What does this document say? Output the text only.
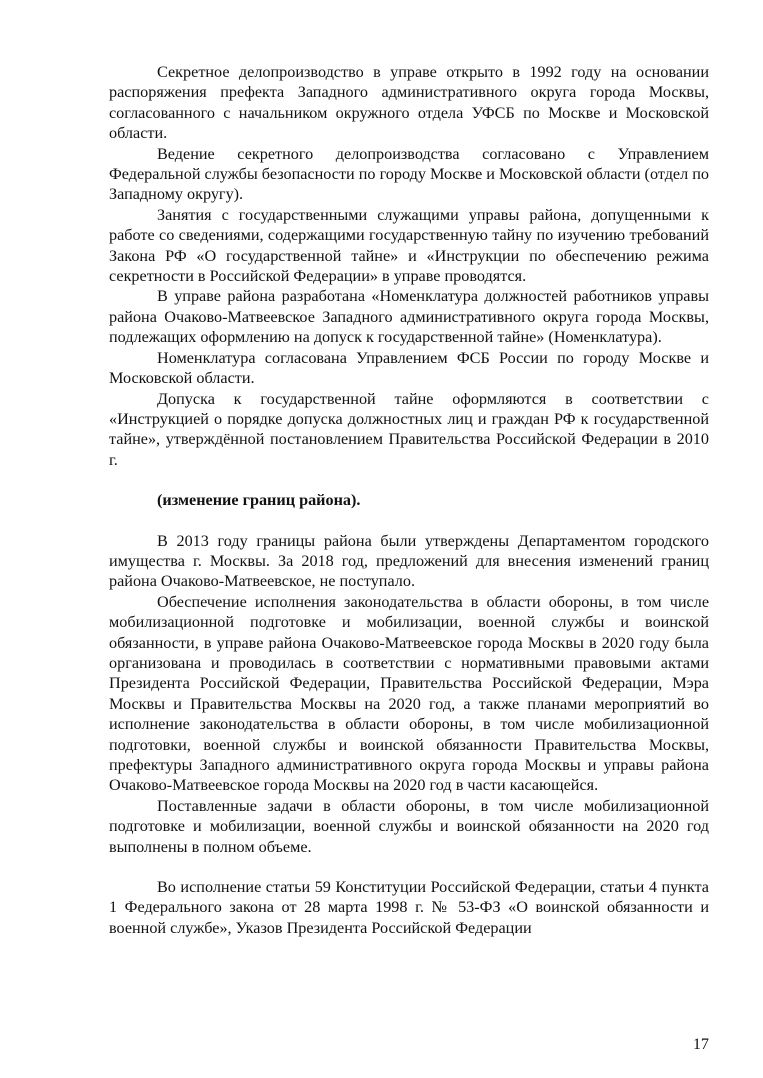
Секретное делопроизводство в управе открыто в 1992 году на основании распоряжения префекта Западного административного округа города Москвы, согласованного с начальником окружного отдела УФСБ по Москве и Московской области.

Ведение секретного делопроизводства согласовано с Управлением Федеральной службы безопасности по городу Москве и Московской области (отдел по Западному округу).

Занятия с государственными служащими управы района, допущенными к работе со сведениями, содержащими государственную тайну по изучению требований Закона РФ «О государственной тайне» и «Инструкции по обеспечению режима секретности в Российской Федерации» в управе проводятся.

В управе района разработана «Номенклатура должностей работников управы района Очаково-Матвеевское Западного административного округа города Москвы, подлежащих оформлению на допуск к государственной тайне» (Номенклатура).

Номенклатура согласована Управлением ФСБ России по городу Москве и Московской области.

Допуска к государственной тайне оформляются в соответствии с «Инструкцией о порядке допуска должностных лиц и граждан РФ к государственной тайне», утверждённой постановлением Правительства Российской Федерации в 2010 г.

(изменение границ района).

В 2013 году границы района были утверждены Департаментом городского имущества г. Москвы. За 2018 год, предложений для внесения изменений границ района Очаково-Матвеевское, не поступало.

Обеспечение исполнения законодательства в области обороны, в том числе мобилизационной подготовке и мобилизации, военной службы и воинской обязанности, в управе района Очаково-Матвеевское города Москвы в 2020 году была организована и проводилась в соответствии с нормативными правовыми актами Президента Российской Федерации, Правительства Российской Федерации, Мэра Москвы и Правительства Москвы на 2020 год, а также планами мероприятий во исполнение законодательства в области обороны, в том числе мобилизационной подготовки, военной службы и воинской обязанности Правительства Москвы, префектуры Западного административного округа города Москвы и управы района Очаково-Матвеевское города Москвы на 2020 год в части касающейся.

Поставленные задачи в области обороны, в том числе мобилизационной подготовке и мобилизации, военной службы и воинской обязанности на 2020 год выполнены в полном объеме.

Во исполнение статьи 59 Конституции Российской Федерации, статьи 4 пункта 1 Федерального закона от 28 марта 1998 г. № 53-ФЗ «О воинской обязанности и военной службе», Указов Президента Российской Федерации

17
